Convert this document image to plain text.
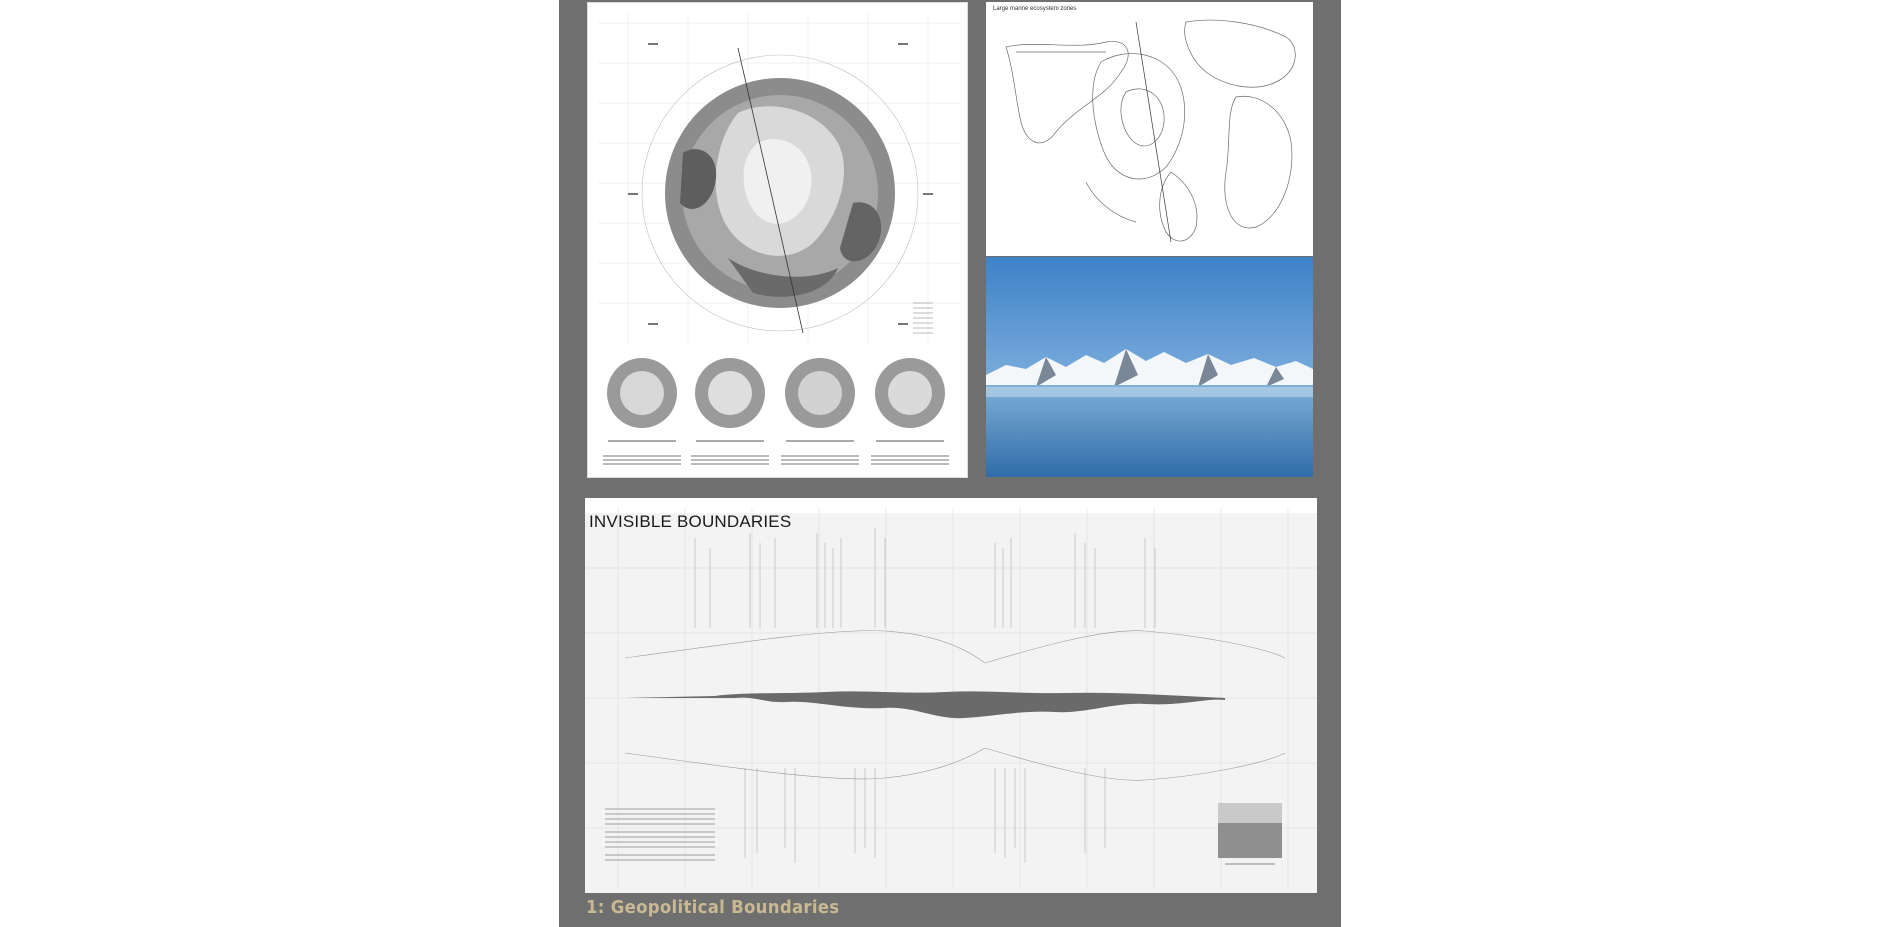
Large marine ecosystem zones
INVISIBLE BOUNDARIES
1: Geopolitical Boundaries
